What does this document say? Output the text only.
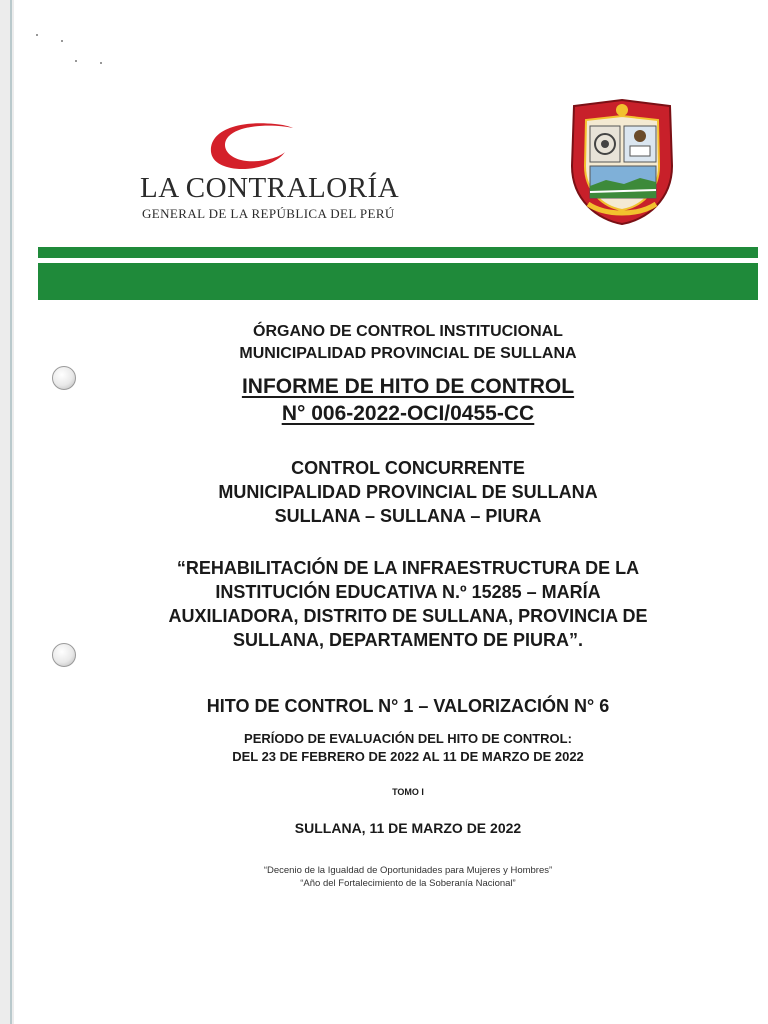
LA CONTRALORÍA
GENERAL DE LA REPÚBLICA DEL PERÚ
ÓRGANO DE CONTROL INSTITUCIONAL
MUNICIPALIDAD PROVINCIAL DE SULLANA
INFORME DE HITO DE CONTROL
N° 006-2022-OCI/0455-CC
CONTROL CONCURRENTE
MUNICIPALIDAD PROVINCIAL DE SULLANA
SULLANA – SULLANA – PIURA
“REHABILITACIÓN DE LA INFRAESTRUCTURA DE LA
INSTITUCIÓN EDUCATIVA N.º 15285 – MARÍA
AUXILIADORA, DISTRITO DE SULLANA, PROVINCIA DE
SULLANA, DEPARTAMENTO DE PIURA”.
HITO DE CONTROL N° 1 – VALORIZACIÓN N° 6
PERÍODO DE EVALUACIÓN DEL HITO DE CONTROL:
DEL 23 DE FEBRERO DE 2022 AL 11 DE MARZO DE 2022
TOMO I
SULLANA, 11 DE MARZO DE 2022
“Decenio de la Igualdad de Oportunidades para Mujeres y Hombres”
“Año del Fortalecimiento de la Soberanía Nacional”
